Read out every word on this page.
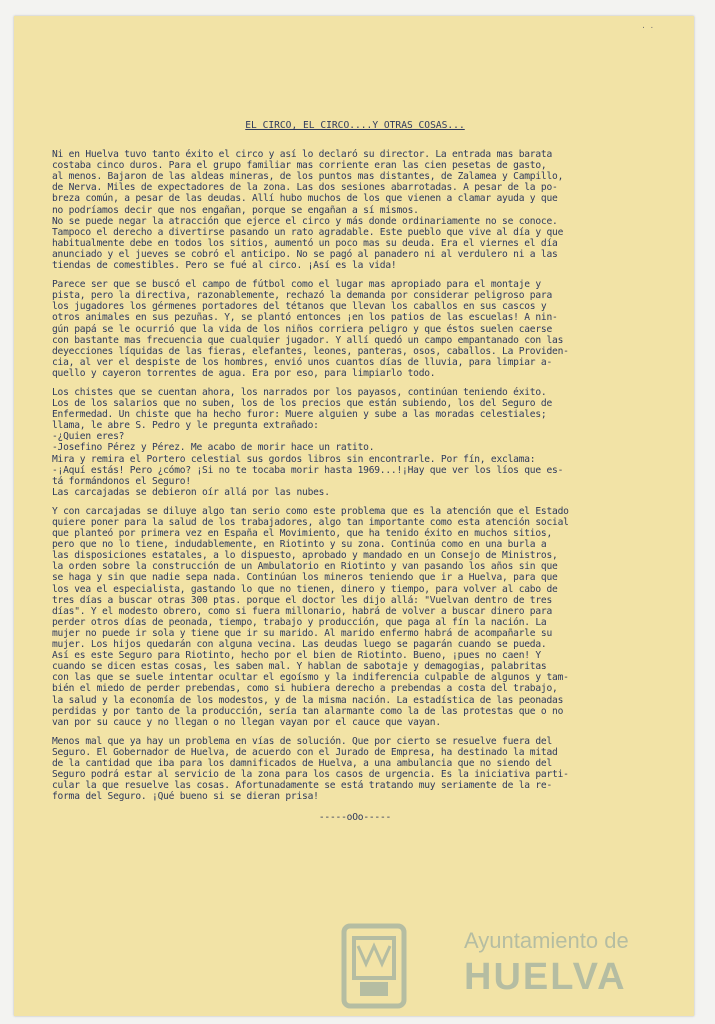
· ·
EL CIRCO, EL CIRCO....Y OTRAS COSAS...
Ni en Huelva tuvo tanto éxito el circo y así lo declaró su director. La entrada mas barata
costaba cinco duros. Para el grupo familiar mas corriente eran las cien pesetas de gasto,
al menos. Bajaron de las aldeas mineras, de los puntos mas distantes, de Zalamea y Campillo,
de Nerva. Miles de expectadores de la zona. Las dos sesiones abarrotadas. A pesar de la po-
breza común, a pesar de las deudas. Allí hubo muchos de los que vienen a clamar ayuda y que
no podríamos decir que nos engañan, porque se engañan a sí mismos.
No se puede negar la atracción que ejerce el circo y más donde ordinariamente no se conoce.
Tampoco el derecho a divertirse pasando un rato agradable. Este pueblo que vive al día y que
habitualmente debe en todos los sitios, aumentó un poco mas su deuda. Era el viernes el día
anunciado y el jueves se cobró el anticipo. No se pagó al panadero ni al verdulero ni a las
tiendas de comestibles. Pero se fué al circo. ¡Así es la vida!
Parece ser que se buscó el campo de fútbol como el lugar mas apropiado para el montaje y
pista, pero la directiva, razonablemente, rechazó la demanda por considerar peligroso para
los jugadores los gérmenes portadores del tétanos que llevan los caballos en sus cascos y
otros animales en sus pezuñas. Y, se plantó entonces ¡en los patios de las escuelas! A nin-
gún papá se le ocurrió que la vida de los niños corriera peligro y que éstos suelen caerse
con bastante mas frecuencia que cualquier jugador. Y allí quedó un campo empantanado con las
deyecciones líquidas de las fieras, elefantes, leones, panteras, osos, caballos. La Providen-
cia, al ver el despiste de los hombres, envió unos cuantos días de lluvia, para limpiar a-
quello y cayeron torrentes de agua. Era por eso, para limpiarlo todo.
Los chistes que se cuentan ahora, los narrados por los payasos, continúan teniendo éxito.
Los de los salarios que no suben, los de los precios que están subiendo, los del Seguro de
Enfermedad. Un chiste que ha hecho furor: Muere alguien y sube a las moradas celestiales;
llama, le abre S. Pedro y le pregunta extrañado:
-¿Quien eres?
-Josefino Pérez y Pérez. Me acabo de morir hace un ratito.
Mira y remira el Portero celestial sus gordos libros sin encontrarle. Por fín, exclama:
-¡Aquí estás! Pero ¿cómo? ¡Si no te tocaba morir hasta 1969...!¡Hay que ver los líos que es-
tá formándonos el Seguro!
Las carcajadas se debieron oír allá por las nubes.
Y con carcajadas se diluye algo tan serio como este problema que es la atención que el Estado
quiere poner para la salud de los trabajadores, algo tan importante como esta atención social
que planteó por primera vez en España el Movimiento, que ha tenido éxito en muchos sitios,
pero que no lo tiene, indudablemente, en Riotinto y su zona. Continúa como en una burla a
las disposiciones estatales, a lo dispuesto, aprobado y mandado en un Consejo de Ministros,
la orden sobre la construcción de un Ambulatorio en Riotinto y van pasando los años sin que
se haga y sin que nadie sepa nada. Continúan los mineros teniendo que ir a Huelva, para que
los vea el especialista, gastando lo que no tienen, dinero y tiempo, para volver al cabo de
tres días a buscar otras 300 ptas. porque el doctor les dijo allá: "Vuelvan dentro de tres
días". Y el modesto obrero, como si fuera millonario, habrá de volver a buscar dinero para
perder otros días de peonada, tiempo, trabajo y producción, que paga al fín la nación. La
mujer no puede ir sola y tiene que ir su marido. Al marido enfermo habrá de acompañarle su
mujer. Los hijos quedarán con alguna vecina. Las deudas luego se pagarán cuando se pueda.
Así es este Seguro para Riotinto, hecho por el bien de Riotinto. Bueno, ¡pues no caen! Y
cuando se dicen estas cosas, les saben mal. Y hablan de sabotaje y demagogias, palabritas
con las que se suele intentar ocultar el egoísmo y la indiferencia culpable de algunos y tam-
bién el miedo de perder prebendas, como si hubiera derecho a prebendas a costa del trabajo,
la salud y la economía de los modestos, y de la misma nación. La estadística de las peonadas
perdidas y por tanto de la producción, sería tan alarmante como la de las protestas que o no
van por su cauce y no llegan o no llegan vayan por el cauce que vayan.
Menos mal que ya hay un problema en vías de solución. Que por cierto se resuelve fuera del
Seguro. El Gobernador de Huelva, de acuerdo con el Jurado de Empresa, ha destinado la mitad
de la cantidad que iba para los damnificados de Huelva, a una ambulancia que no siendo del
Seguro podrá estar al servicio de la zona para los casos de urgencia. Es la iniciativa parti-
cular la que resuelve las cosas. Afortunadamente se está tratando muy seriamente de la re-
forma del Seguro. ¡Qué bueno si se dieran prisa!
-----oOo-----
Ayuntamiento de
HUELVA
